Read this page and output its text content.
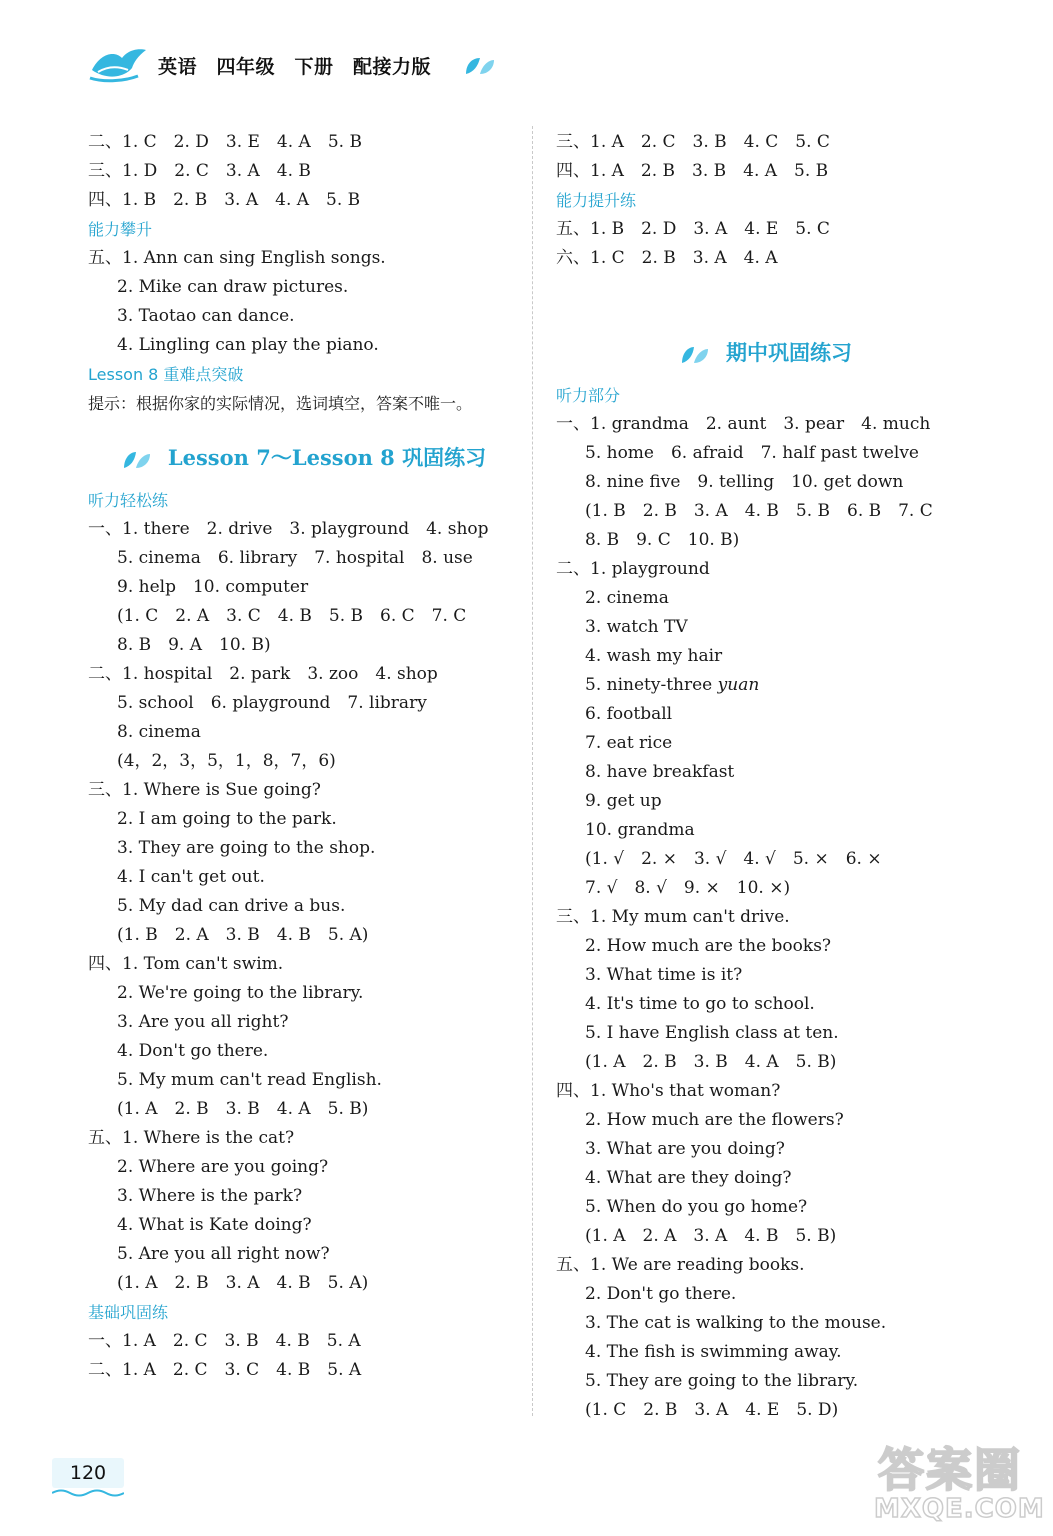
英语　四年级　下册　配接力版
二、1. C　2. D　3. E　4. A　5. B
三、1. D　2. C　3. A　4. B
四、1. B　2. B　3. A　4. A　5. B
能力攀升
五、1. Ann can sing English songs.
2. Mike can draw pictures.
3. Taotao can dance.
4. Lingling can play the piano.
Lesson 8 重难点突破
提示：根据你家的实际情况，选词填空，答案不唯一。
Lesson 7～Lesson 8 巩固练习
听力轻松练
一、1. there　2. drive　3. playground　4. shop
5. cinema　6. library　7. hospital　8. use
9. help　10. computer
(1. C　2. A　3. C　4. B　5. B　6. C　7. C
8. B　9. A　10. B)
二、1. hospital　2. park　3. zoo　4. shop
5. school　6. playground　7. library
8. cinema
(4，2，3，5，1，8，7，6)
三、1. Where is Sue going?
2. I am going to the park.
3. They are going to the shop.
4. I can't get out.
5. My dad can drive a bus.
(1. B　2. A　3. B　4. B　5. A)
四、1. Tom can't swim.
2. We're going to the library.
3. Are you all right?
4. Don't go there.
5. My mum can't read English.
(1. A　2. B　3. B　4. A　5. B)
五、1. Where is the cat?
2. Where are you going?
3. Where is the park?
4. What is Kate doing?
5. Are you all right now?
(1. A　2. B　3. A　4. B　5. A)
基础巩固练
一、1. A　2. C　3. B　4. B　5. A
二、1. A　2. C　3. C　4. B　5. A
三、1. A　2. C　3. B　4. C　5. C
四、1. A　2. B　3. B　4. A　5. B
能力提升练
五、1. B　2. D　3. A　4. E　5. C
六、1. C　2. B　3. A　4. A
期中巩固练习
听力部分
一、1. grandma　2. aunt　3. pear　4. much
5. home　6. afraid　7. half past twelve
8. nine five　9. telling　10. get down
(1. B　2. B　3. A　4. B　5. B　6. B　7. C
8. B　9. C　10. B)
二、1. playground
2. cinema
3. watch TV
4. wash my hair
5. ninety-three yuan
6. football
7. eat rice
8. have breakfast
9. get up
10. grandma
(1. √　2. ×　3. √　4. √　5. ×　6. ×
7. √　8. √　9. ×　10. ×)
三、1. My mum can't drive.
2. How much are the books?
3. What time is it?
4. It's time to go to school.
5. I have English class at ten.
(1. A　2. B　3. B　4. A　5. B)
四、1. Who's that woman?
2. How much are the flowers?
3. What are you doing?
4. What are they doing?
5. When do you go home?
(1. A　2. A　3. A　4. B　5. B)
五、1. We are reading books.
2. Don't go there.
3. The cat is walking to the mouse.
4. The fish is swimming away.
5. They are going to the library.
(1. C　2. B　3. A　4. E　5. D)
120	答案圈
MXQE.COM
